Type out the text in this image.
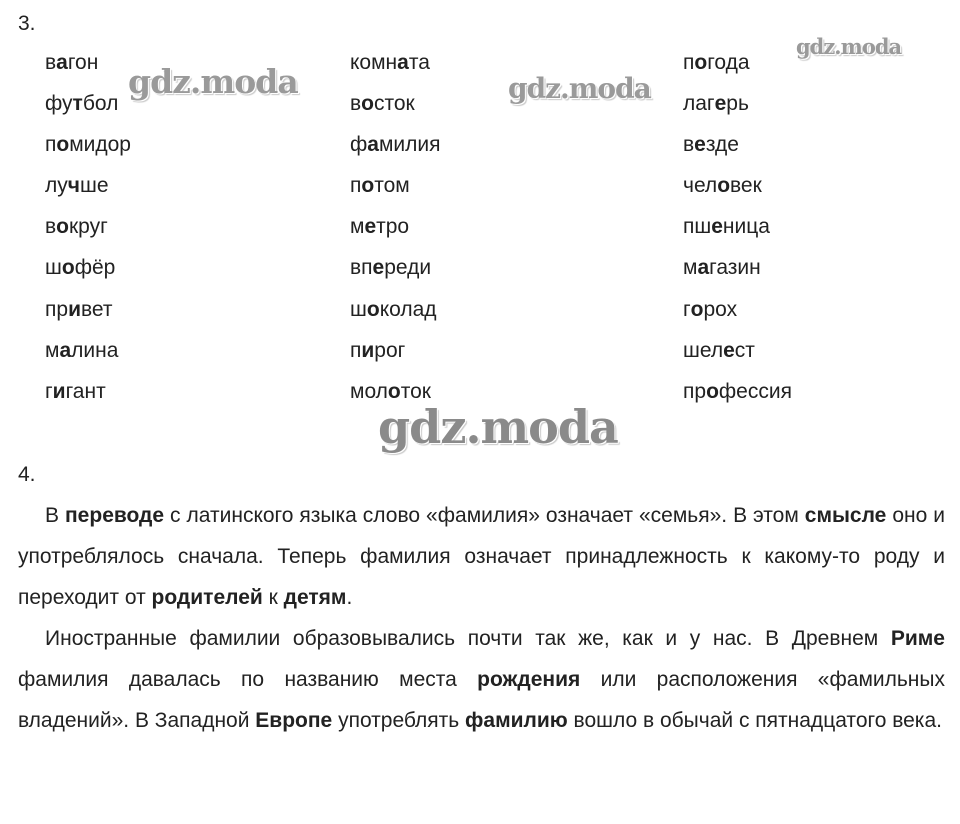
3.
вагон
футбол
помидор
лучше
вокруг
шофёр
привет
малина
гигант
комната
восток
фамилия
потом
метро
впереди
шоколад
пирог
молоток
погода
лагерь
везде
человек
пшеница
магазин
горох
шелест
профессия
4.

В переводе с латинского языка слово «фамилия» означает «семья». В этом смысле оно и употреблялось сначала. Теперь фамилия означает принадлежность к какому-то роду и переходит от родителей к детям.

Иностранные фамилии образовывались почти так же, как и у нас. В Древнем Риме фамилия давалась по названию места рождения или расположения «фамильных владений». В Западной Европе употреблять фамилию вошло в обычай с пятнадцатого века.

gdz.moda	gdz.moda
gdz.moda
gdz.moda
